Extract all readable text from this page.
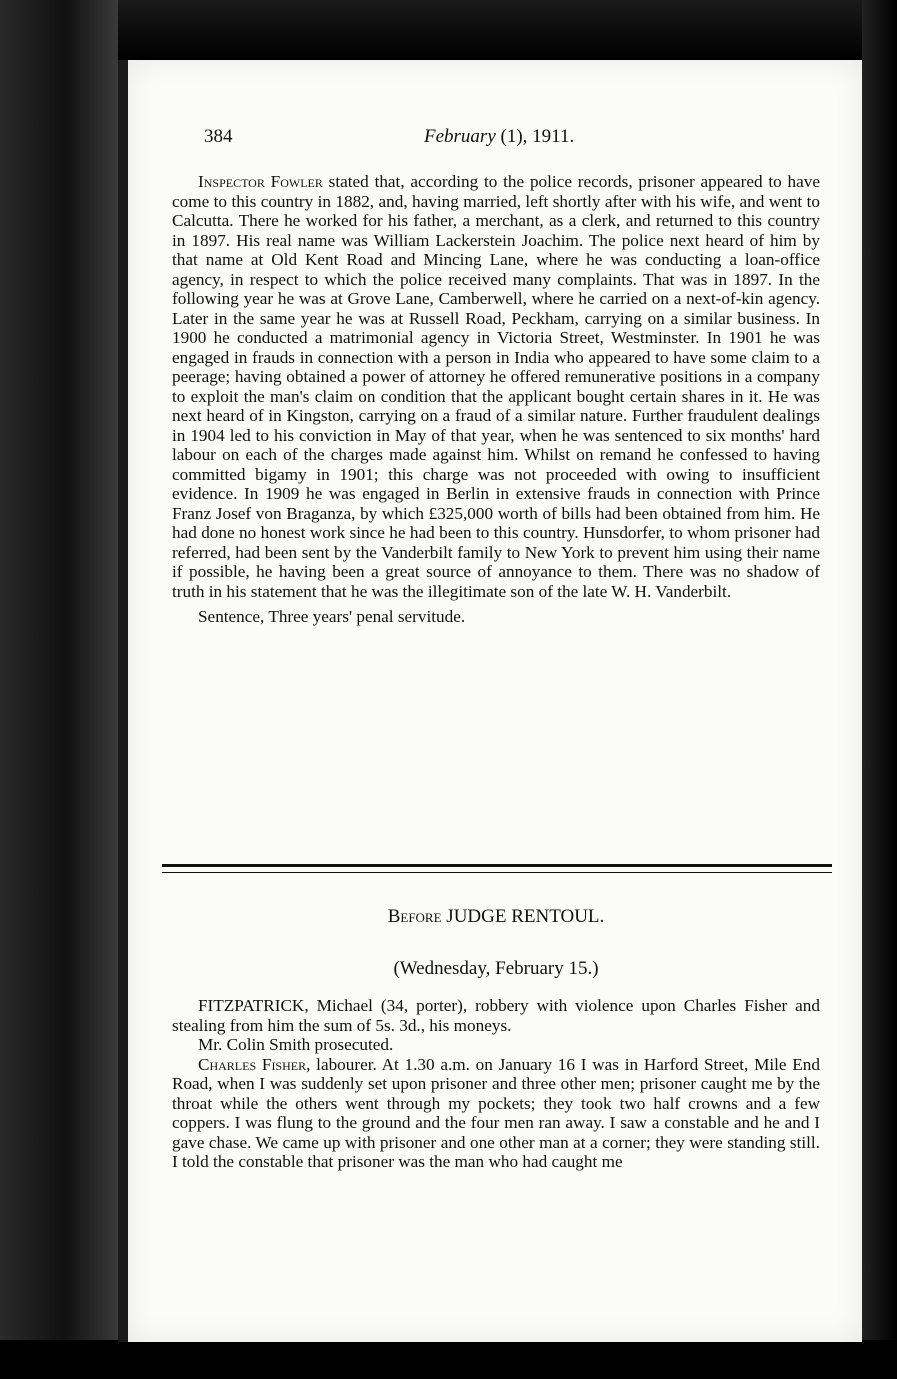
384	February (1), 1911.

Inspector Fowler stated that, according to the police records, prisoner appeared to have come to this country in 1882, and, having married, left shortly after with his wife, and went to Calcutta. There he worked for his father, a merchant, as a clerk, and returned to this country in 1897. His real name was William Lackerstein Joachim. The police next heard of him by that name at Old Kent Road and Mincing Lane, where he was conducting a loan-office agency, in respect to which the police received many complaints. That was in 1897. In the following year he was at Grove Lane, Camberwell, where he carried on a next-of-kin agency. Later in the same year he was at Russell Road, Peckham, carrying on a similar business. In 1900 he conducted a matrimonial agency in Victoria Street, Westminster. In 1901 he was engaged in frauds in connection with a person in India who appeared to have some claim to a peerage; having obtained a power of attorney he offered remunerative positions in a company to exploit the man's claim on condition that the applicant bought certain shares in it. He was next heard of in Kingston, carrying on a fraud of a similar nature. Further fraudulent dealings in 1904 led to his conviction in May of that year, when he was sentenced to six months' hard labour on each of the charges made against him. Whilst on remand he confessed to having committed bigamy in 1901; this charge was not proceeded with owing to insufficient evidence. In 1909 he was engaged in Berlin in extensive frauds in connection with Prince Franz Josef von Braganza, by which £325,000 worth of bills had been obtained from him. He had done no honest work since he had been to this country. Hunsdorfer, to whom prisoner had referred, had been sent by the Vanderbilt family to New York to prevent him using their name if possible, he having been a great source of annoyance to them. There was no shadow of truth in his statement that he was the illegitimate son of the late W. H. Vanderbilt.

Sentence, Three years' penal servitude.

Before JUDGE RENTOUL.
(Wednesday, February 15.)

FITZPATRICK, Michael (34, porter), robbery with violence upon Charles Fisher and stealing from him the sum of 5s. 3d., his moneys.

Mr. Colin Smith prosecuted.

Charles Fisher, labourer. At 1.30 a.m. on January 16 I was in Harford Street, Mile End Road, when I was suddenly set upon prisoner and three other men; prisoner caught me by the throat while the others went through my pockets; they took two half crowns and a few coppers. I was flung to the ground and the four men ran away. I saw a constable and he and I gave chase. We came up with prisoner and one other man at a corner; they were standing still. I told the constable that prisoner was the man who had caught me
